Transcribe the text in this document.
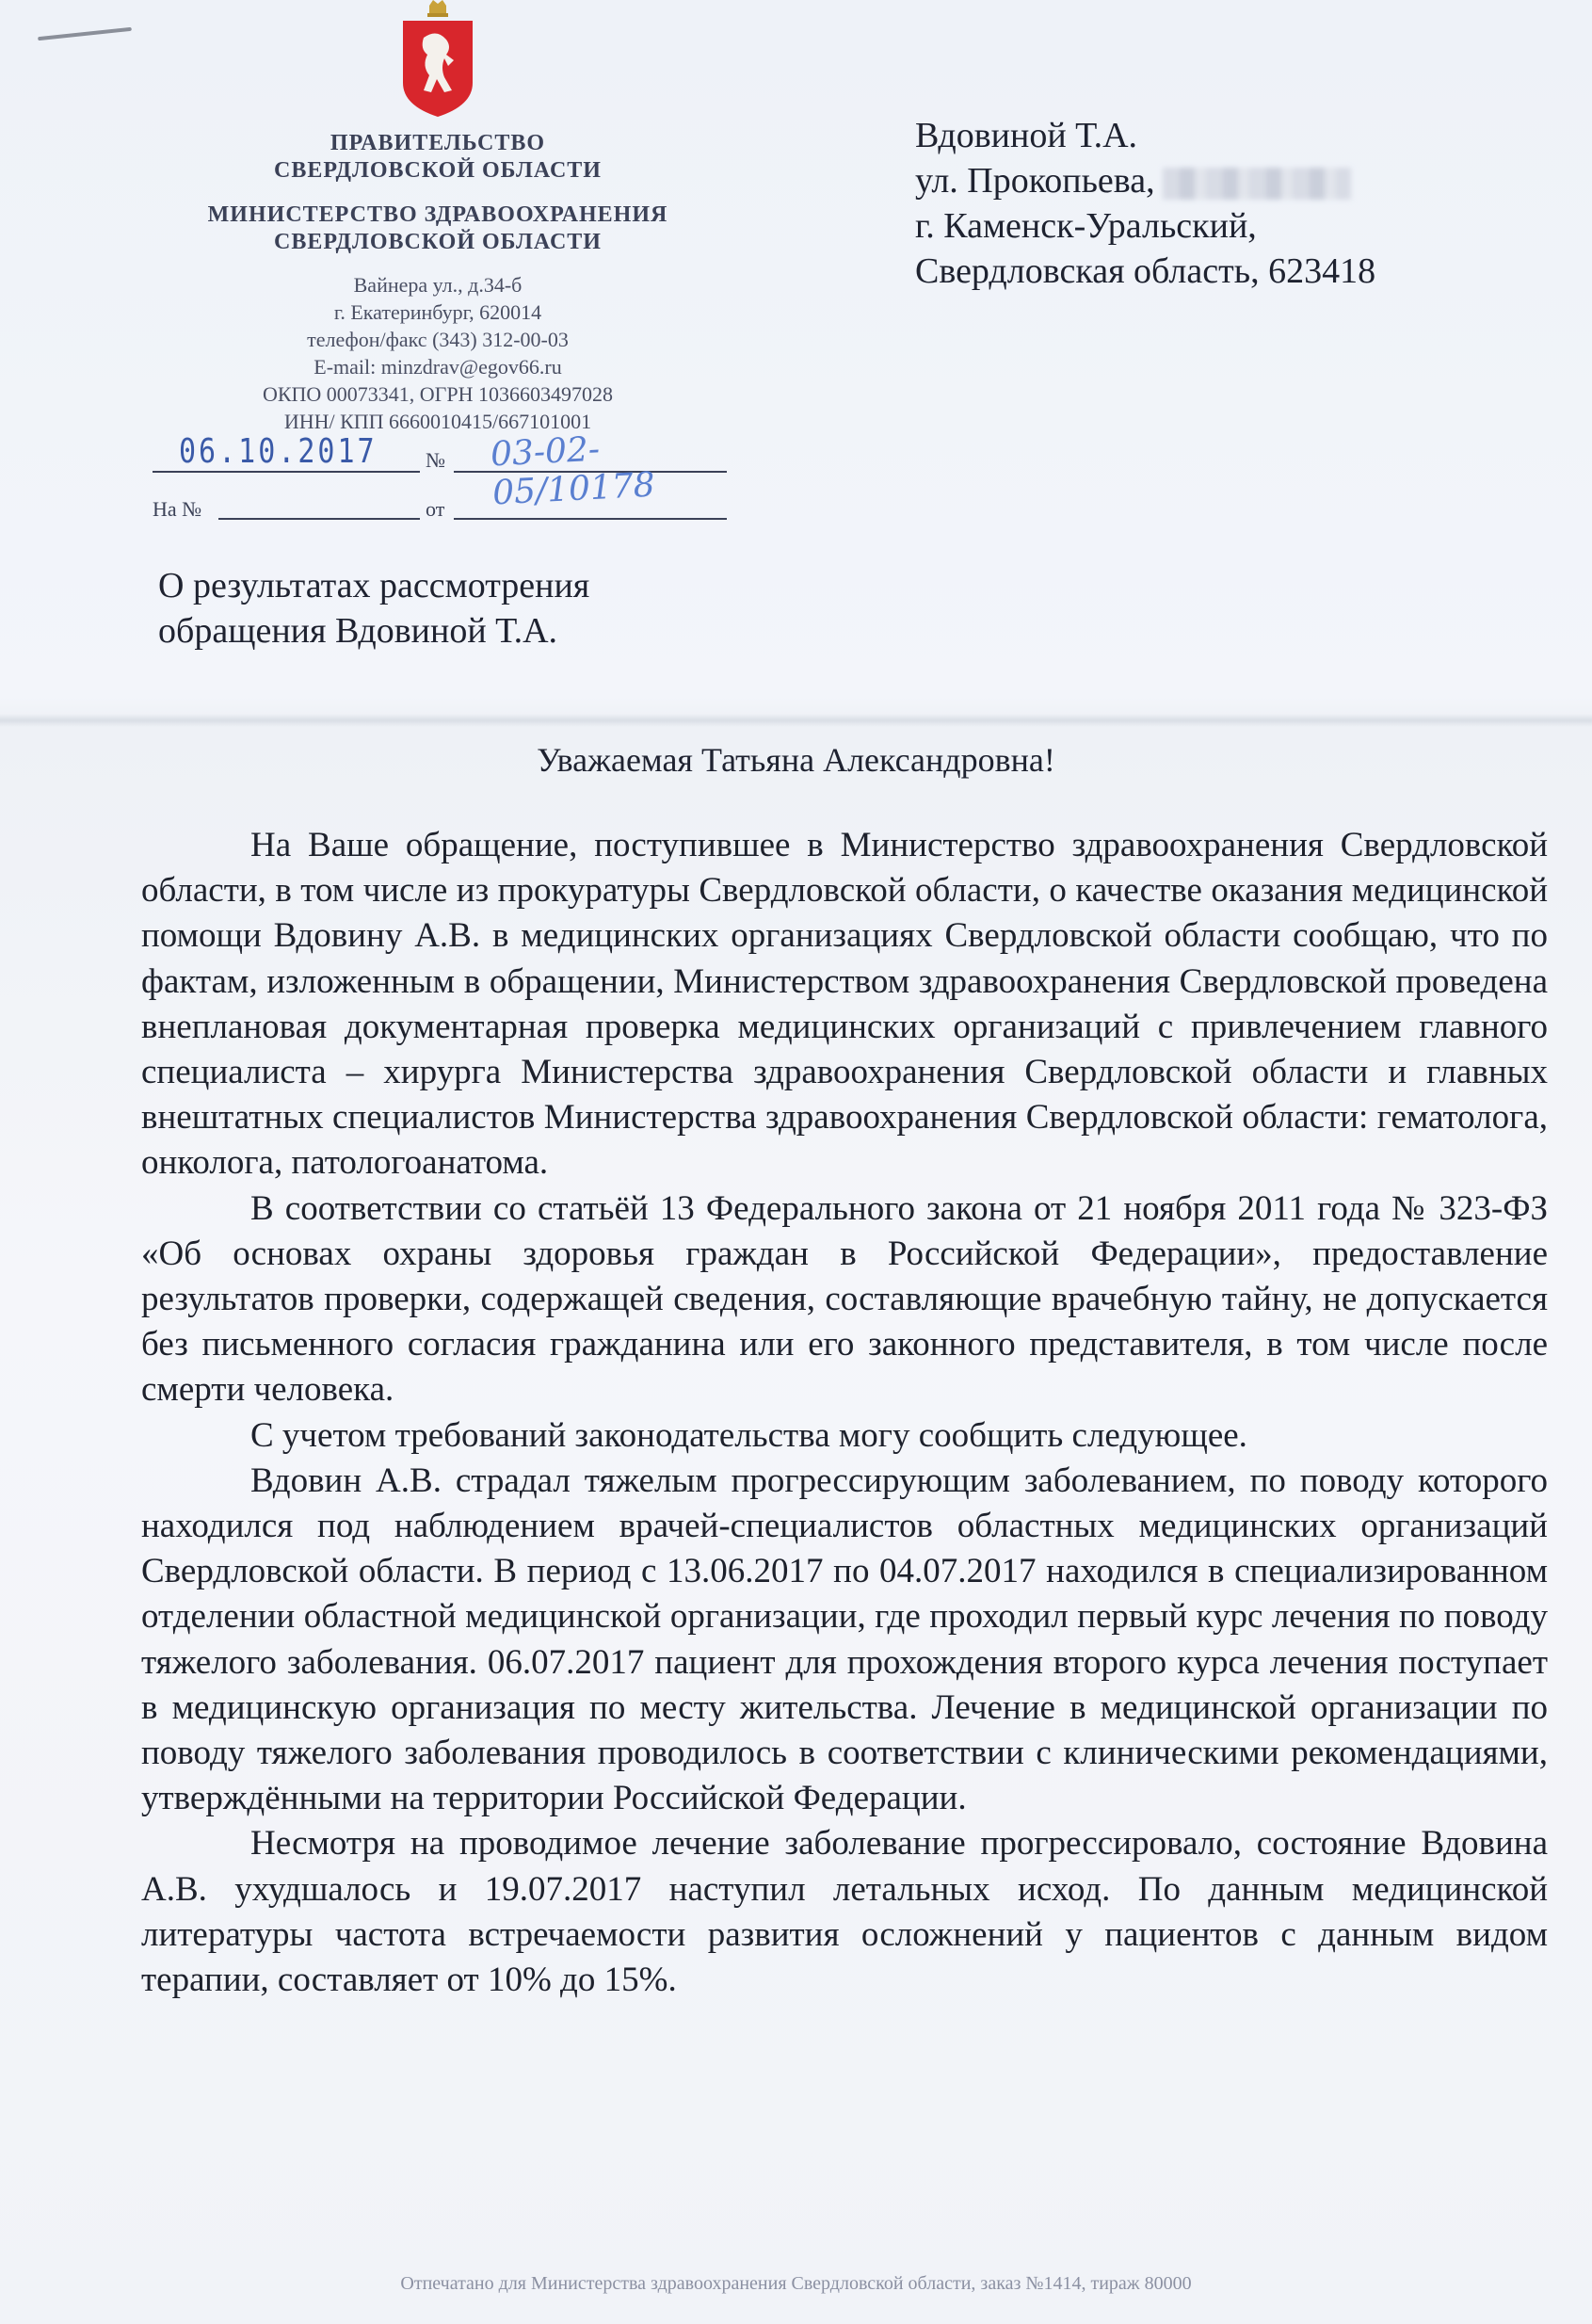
ПРАВИТЕЛЬСТВО
СВЕРДЛОВСКОЙ ОБЛАСТИ
МИНИСТЕРСТВО ЗДРАВООХРАНЕНИЯ
СВЕРДЛОВСКОЙ ОБЛАСТИ
Вайнера ул., д.34-б
г. Екатеринбург, 620014
телефон/факс (343) 312-00-03
E-mail: minzdrav@egov66.ru
ОКПО 00073341, ОГРН 1036603497028
ИНН/ КПП 6660010415/667101001
06.10.2017 № 03-02-05/10178
На №	от
Вдовиной Т.А.
ул. Прокопьева,
г. Каменск-Уральский,
Свердловская область, 623418
О результатах рассмотрения
обращения Вдовиной Т.А.
Уважаемая Татьяна Александровна!

На Ваше обращение, поступившее в Министерство здравоохранения Свердловской области, в том числе из прокуратуры Свердловской области, о качестве оказания медицинской помощи Вдовину А.В. в медицинских организациях Свердловской области сообщаю, что по фактам, изложенным в обращении, Министерством здравоохранения Свердловской проведена внеплановая документарная проверка медицинских организаций с привлечением главного специалиста – хирурга Министерства здравоохранения Свердловской области и главных внештатных специалистов Министерства здравоохранения Свердловской области: гематолога, онколога, патологоанатома.

В соответствии со статьёй 13 Федерального закона от 21 ноября 2011 года № 323-ФЗ «Об основах охраны здоровья граждан в Российской Федерации», предоставление результатов проверки, содержащей сведения, составляющие врачебную тайну, не допускается без письменного согласия гражданина или его законного представителя, в том числе после смерти человека.

С учетом требований законодательства могу сообщить следующее.

Вдовин А.В. страдал тяжелым прогрессирующим заболеванием, по поводу которого находился под наблюдением врачей-специалистов областных медицинских организаций Свердловской области. В период с 13.06.2017 по 04.07.2017 находился в специализированном отделении областной медицинской организации, где проходил первый курс лечения по поводу тяжелого заболевания. 06.07.2017 пациент для прохождения второго курса лечения поступает в медицинскую организация по месту жительства. Лечение в медицинской организации по поводу тяжелого заболевания проводилось в соответствии с клиническими рекомендациями, утверждёнными на территории Российской Федерации.

Несмотря на проводимое лечение заболевание прогрессировало, состояние Вдовина А.В. ухудшалось и 19.07.2017 наступил летальных исход. По данным медицинской литературы частота встречаемости развития осложнений у пациентов с данным видом терапии, составляет от 10% до 15%.

Отпечатано для Министерства здравоохранения Свердловской области, заказ №1414, тираж 80000
